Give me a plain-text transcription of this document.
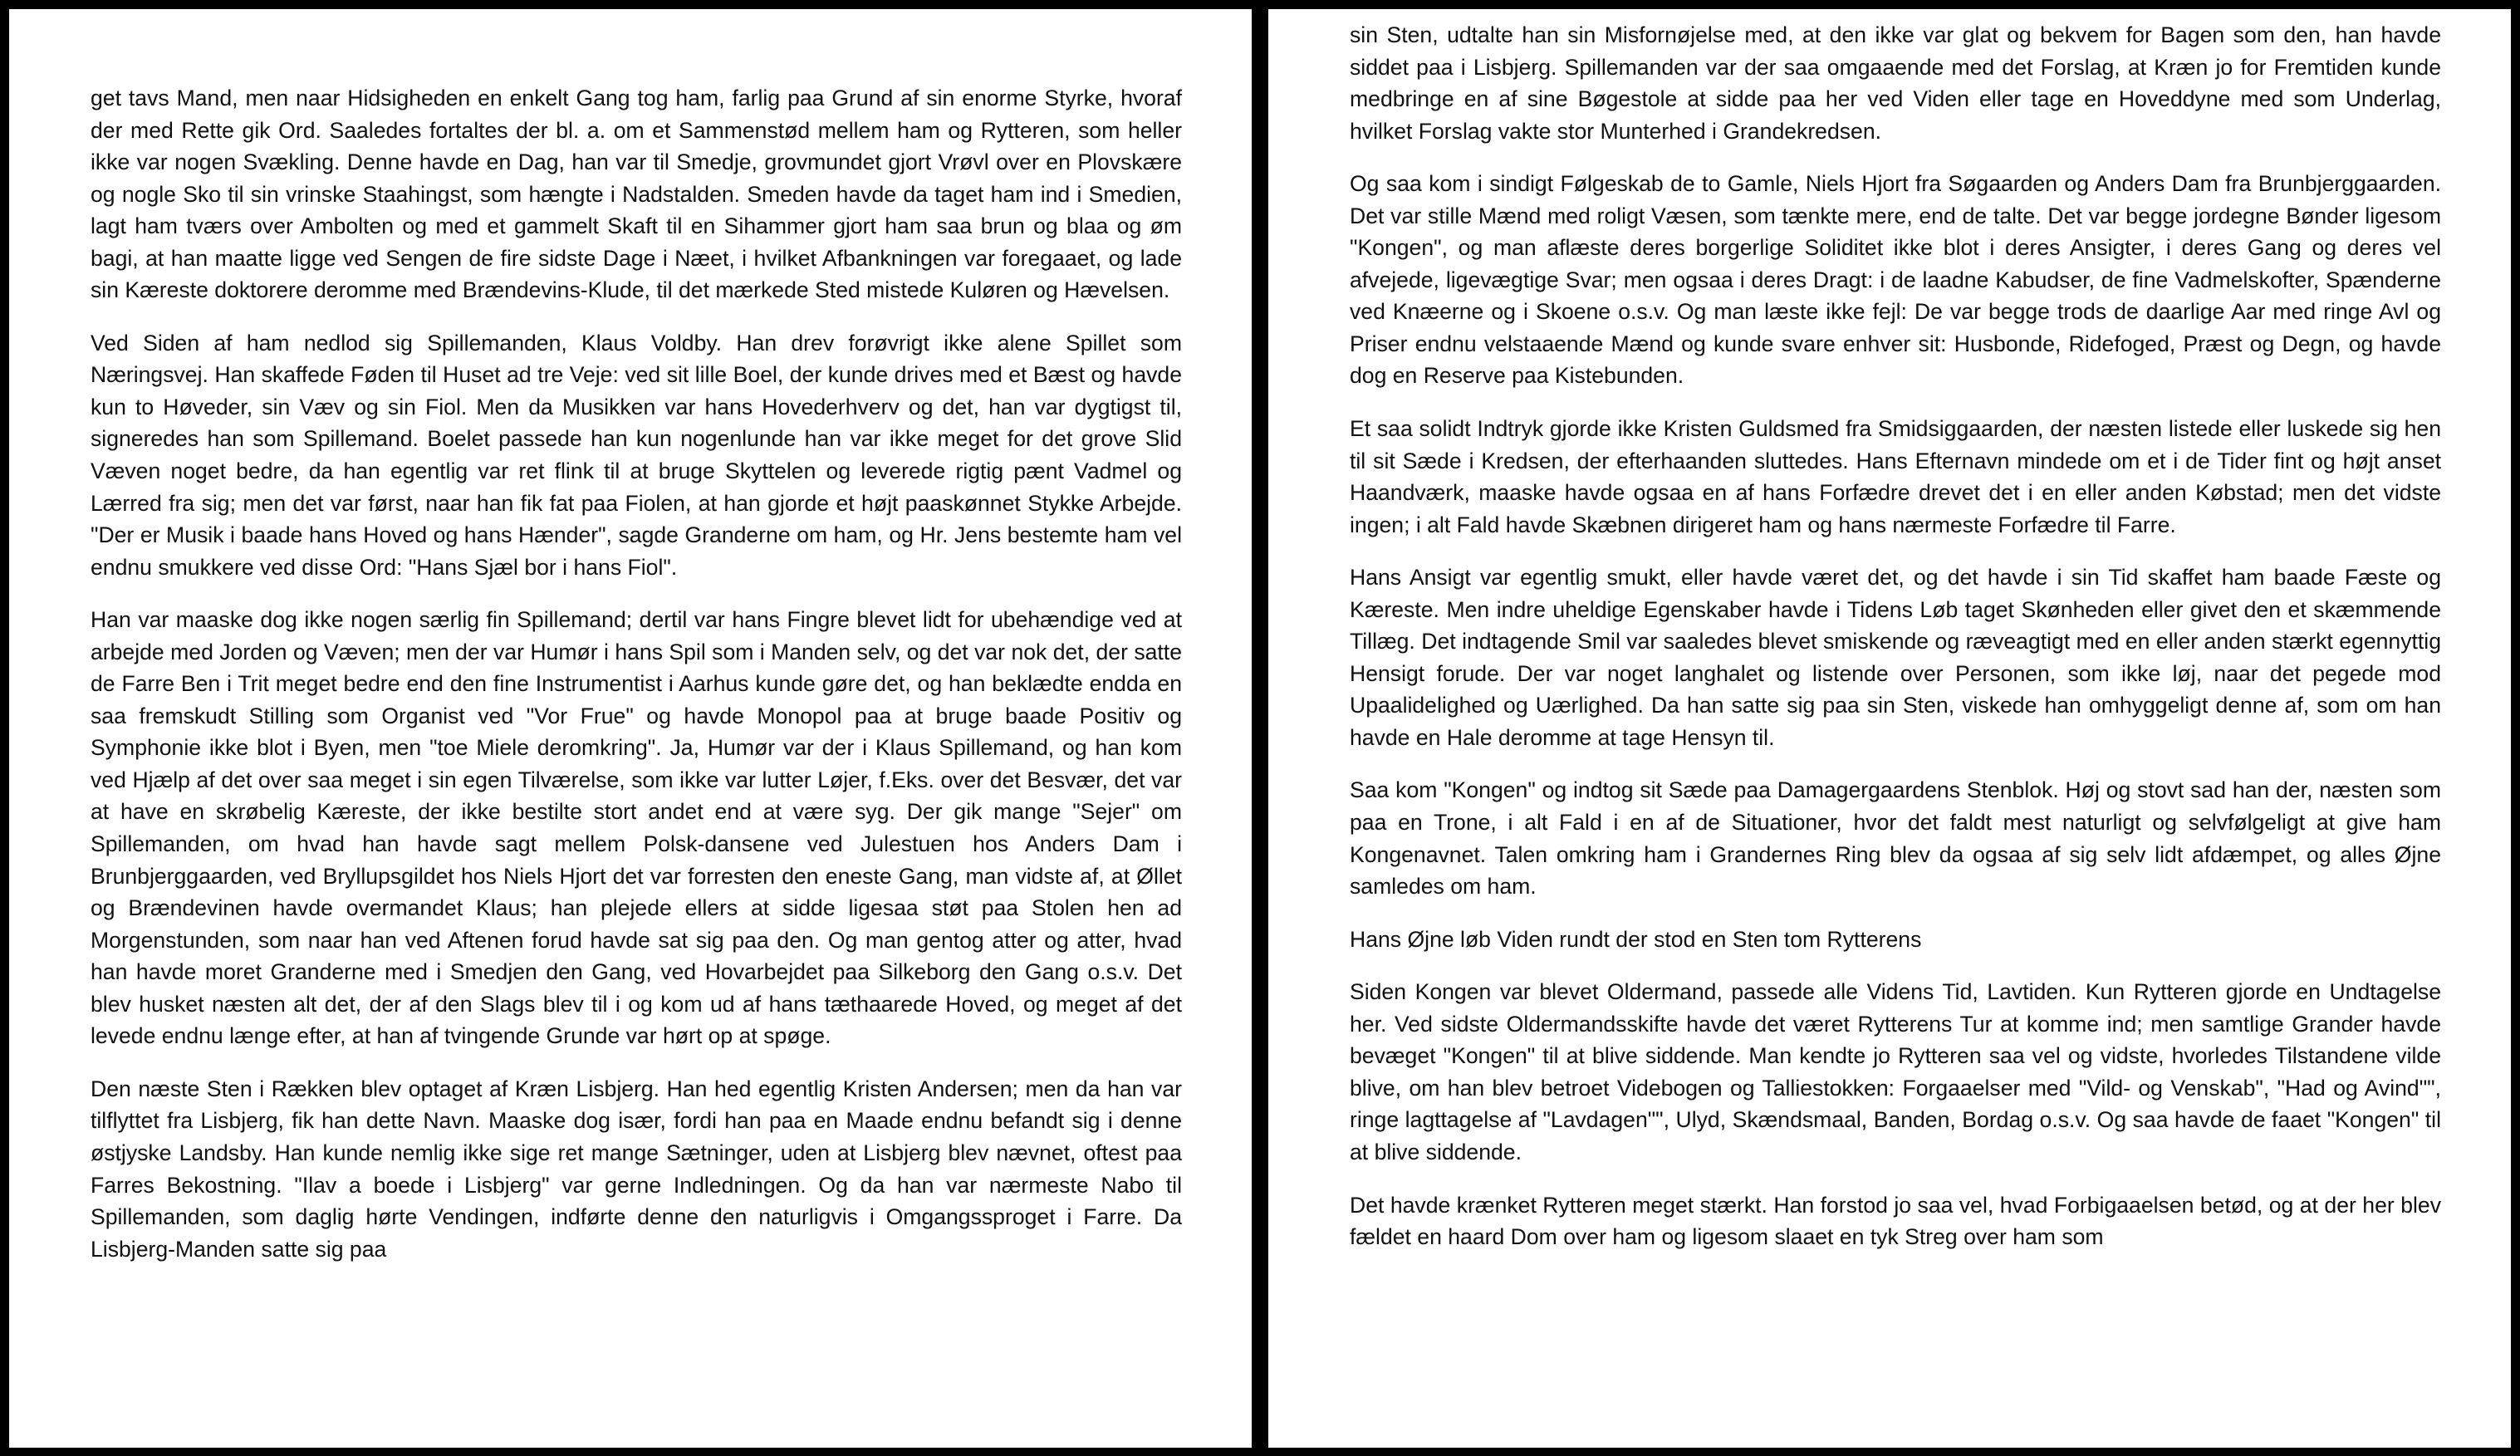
get tavs Mand, men naar Hidsigheden en enkelt Gang tog ham, farlig paa Grund af sin enorme Styrke, hvoraf der med Rette gik Ord. Saaledes fortaltes der bl. a. om et Sammenstød mellem ham og Rytteren, som heller ikke var nogen Svækling. Denne havde en Dag, han var til Smedje, grovmundet gjort Vrøvl over en Plovskære og nogle Sko til sin vrinske Staahingst, som hængte i Nadstalden. Smeden havde da taget ham ind i Smedien, lagt ham tværs over Ambolten og med et gammelt Skaft til en Sihammer gjort ham saa brun og blaa og øm bagi, at han maatte ligge ved Sengen de fire sidste Dage i Næet, i hvilket Afbankningen var foregaaet, og lade sin Kæreste doktorere deromme med Brændevins-Klude, til det mærkede Sted mistede Kuløren og Hævelsen.

Ved Siden af ham nedlod sig Spillemanden, Klaus Voldby. Han drev forøvrigt ikke alene Spillet som Næringsvej. Han skaffede Føden til Huset ad tre Veje: ved sit lille Boel, der kunde drives med et Bæst og havde kun to Høveder, sin Væv og sin Fiol. Men da Musikken var hans Hovederhverv og det, han var dygtigst til, signeredes han som Spillemand. Boelet passede han kun nogenlunde han var ikke meget for det grove Slid Væven noget bedre, da han egentlig var ret flink til at bruge Skyttelen og leverede rigtig pænt Vadmel og Lærred fra sig; men det var først, naar han fik fat paa Fiolen, at han gjorde et højt paaskønnet Stykke Arbejde. "Der er Musik i baade hans Hoved og hans Hænder", sagde Granderne om ham, og Hr. Jens bestemte ham vel endnu smukkere ved disse Ord: "Hans Sjæl bor i hans Fiol".

Han var maaske dog ikke nogen særlig fin Spillemand; dertil var hans Fingre blevet lidt for ubehændige ved at arbejde med Jorden og Væven; men der var Humør i hans Spil som i Manden selv, og det var nok det, der satte de Farre Ben i Trit meget bedre end den fine Instrumentist i Aarhus kunde gøre det, og han beklædte endda en saa fremskudt Stilling som Organist ved "Vor Frue" og havde Monopol paa at bruge baade Positiv og Symphonie ikke blot i Byen, men "toe Miele deromkring". Ja, Humør var der i Klaus Spillemand, og han kom ved Hjælp af det over saa meget i sin egen Tilværelse, som ikke var lutter Løjer, f.Eks. over det Besvær, det var at have en skrøbelig Kæreste, der ikke bestilte stort andet end at være syg. Der gik mange "Sejer" om Spillemanden, om hvad han havde sagt mellem Polsk-dansene ved Julestuen hos Anders Dam i Brunbjerggaarden, ved Bryllupsgildet hos Niels Hjort det var forresten den eneste Gang, man vidste af, at Øllet og Brændevinen havde overmandet Klaus; han plejede ellers at sidde ligesaa støt paa Stolen hen ad Morgenstunden, som naar han ved Aftenen forud havde sat sig paa den. Og man gentog atter og atter, hvad han havde moret Granderne med i Smedjen den Gang, ved Hovarbejdet paa Silkeborg den Gang o.s.v. Det blev husket næsten alt det, der af den Slags blev til i og kom ud af hans tæthaarede Hoved, og meget af det levede endnu længe efter, at han af tvingende Grunde var hørt op at spøge.

Den næste Sten i Rækken blev optaget af Kræn Lisbjerg. Han hed egentlig Kristen Andersen; men da han var tilflyttet fra Lisbjerg, fik han dette Navn. Maaske dog især, fordi han paa en Maade endnu befandt sig i denne østjyske Landsby. Han kunde nemlig ikke sige ret mange Sætninger, uden at Lisbjerg blev nævnet, oftest paa Farres Bekostning. "Ilav a boede i Lisbjerg" var gerne Indledningen. Og da han var nærmeste Nabo til Spillemanden, som daglig hørte Vendingen, indførte denne den naturligvis i Omgangssproget i Farre. Da Lisbjerg-Manden satte sig paa

sin Sten, udtalte han sin Misfornøjelse med, at den ikke var glat og bekvem for Bagen som den, han havde siddet paa i Lisbjerg. Spillemanden var der saa omgaaende med det Forslag, at Kræn jo for Fremtiden kunde medbringe en af sine Bøgestole at sidde paa her ved Viden eller tage en Hoveddyne med som Underlag, hvilket Forslag vakte stor Munterhed i Grandekredsen.

Og saa kom i sindigt Følgeskab de to Gamle, Niels Hjort fra Søgaarden og Anders Dam fra Brunbjerggaarden. Det var stille Mænd med roligt Væsen, som tænkte mere, end de talte. Det var begge jordegne Bønder ligesom "Kongen", og man aflæste deres borgerlige Soliditet ikke blot i deres Ansigter, i deres Gang og deres vel afvejede, ligevægtige Svar; men ogsaa i deres Dragt: i de laadne Kabudser, de fine Vadmelskofter, Spænderne ved Knæerne og i Skoene o.s.v. Og man læste ikke fejl: De var begge trods de daarlige Aar med ringe Avl og Priser endnu velstaaende Mænd og kunde svare enhver sit: Husbonde, Ridefoged, Præst og Degn, og havde dog en Reserve paa Kistebunden.

Et saa solidt Indtryk gjorde ikke Kristen Guldsmed fra Smidsiggaarden, der næsten listede eller luskede sig hen til sit Sæde i Kredsen, der efterhaanden sluttedes. Hans Efternavn mindede om et i de Tider fint og højt anset Haandværk, maaske havde ogsaa en af hans Forfædre drevet det i en eller anden Købstad; men det vidste ingen; i alt Fald havde Skæbnen dirigeret ham og hans nærmeste Forfædre til Farre.

Hans Ansigt var egentlig smukt, eller havde været det, og det havde i sin Tid skaffet ham baade Fæste og Kæreste. Men indre uheldige Egenskaber havde i Tidens Løb taget Skønheden eller givet den et skæmmende Tillæg. Det indtagende Smil var saaledes blevet smiskende og ræveagtigt med en eller anden stærkt egennyttig Hensigt forude. Der var noget langhalet og listende over Personen, som ikke løj, naar det pegede mod Upaalidelighed og Uærlighed. Da han satte sig paa sin Sten, viskede han omhyggeligt denne af, som om han havde en Hale deromme at tage Hensyn til.

Saa kom "Kongen" og indtog sit Sæde paa Damagergaardens Stenblok. Høj og stovt sad han der, næsten som paa en Trone, i alt Fald i en af de Situationer, hvor det faldt mest naturligt og selvfølgeligt at give ham Kongenavnet. Talen omkring ham i Grandernes Ring blev da ogsaa af sig selv lidt afdæmpet, og alles Øjne samledes om ham.

Hans Øjne løb Viden rundt der stod en Sten tom Rytterens

Siden Kongen var blevet Oldermand, passede alle Videns Tid, Lavtiden. Kun Rytteren gjorde en Undtagelse her. Ved sidste Oldermandsskifte havde det været Rytterens Tur at komme ind; men samtlige Grander havde bevæget "Kongen" til at blive siddende. Man kendte jo Rytteren saa vel og vidste, hvorledes Tilstandene vilde blive, om han blev betroet Videbogen og Talliestokken: Forgaaelser med "Vild- og Venskab", "Had og Avind"", ringe lagttagelse af "Lavdagen"", Ulyd, Skændsmaal, Banden, Bordag o.s.v. Og saa havde de faaet "Kongen" til at blive siddende.

Det havde krænket Rytteren meget stærkt. Han forstod jo saa vel, hvad Forbigaaelsen betød, og at der her blev fældet en haard Dom over ham og ligesom slaaet en tyk Streg over ham som
